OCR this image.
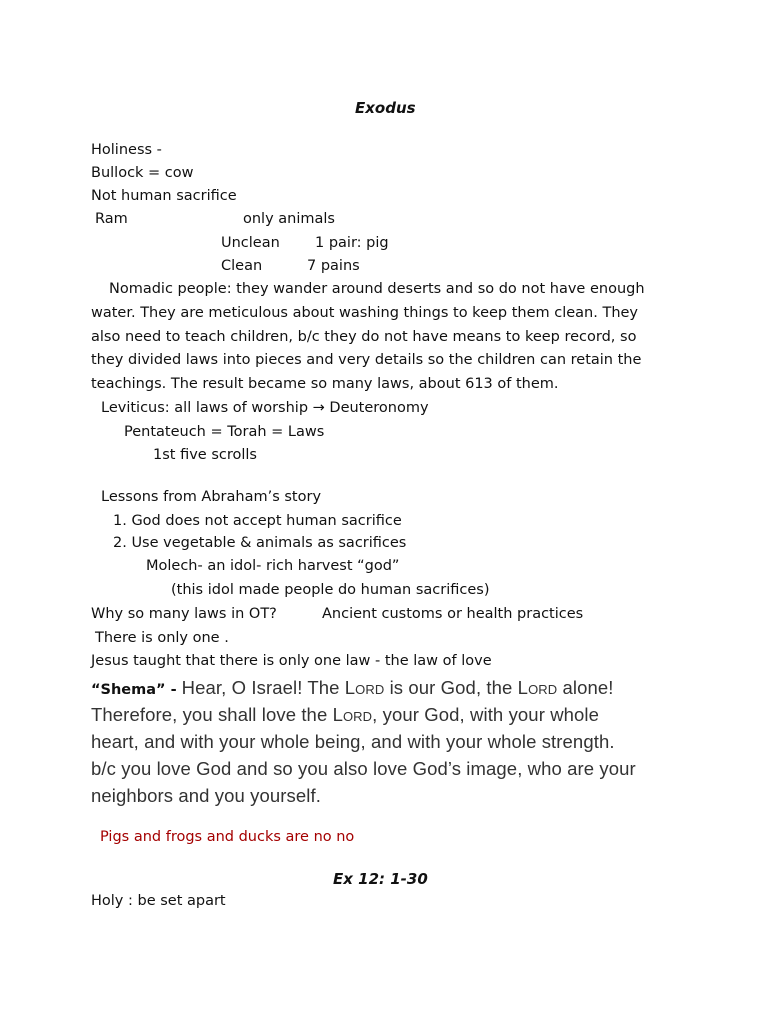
Exodus
Holiness -
Bullock = cow
Not human sacrifice
Ram	only animals
Unclean 1 pair: pig
Clean	7 pains
Nomadic people: they wander around deserts and so do not have enough
water. They are meticulous about washing things to keep them clean. They
also need to teach children, b/c they do not have means to keep record, so
they divided laws into pieces and very details so the children can retain the
teachings. The result became so many laws, about 613 of them.
Leviticus: all laws of worship → Deuteronomy
Pentateuch = Torah = Laws
1st five scrolls
Lessons from Abraham’s story
1. God does not accept human sacrifice
2. Use vegetable & animals as sacrifices
Molech- an idol- rich harvest “god”
(this idol made people do human sacrifices)
Why so many laws in OT?	Ancient customs or health practices
There is only one .
Jesus taught that there is only one law - the law of love
“Shema” - Hear, O Israel! The LORD is our God, the LORD alone!
Therefore, you shall love the LORD, your God, with your whole
heart, and with your whole being, and with your whole strength.
b/c you love God and so you also love God’s image, who are your
neighbors and you yourself.
Pigs and frogs and ducks are no no
Ex 12: 1-30
Holy : be set apart
